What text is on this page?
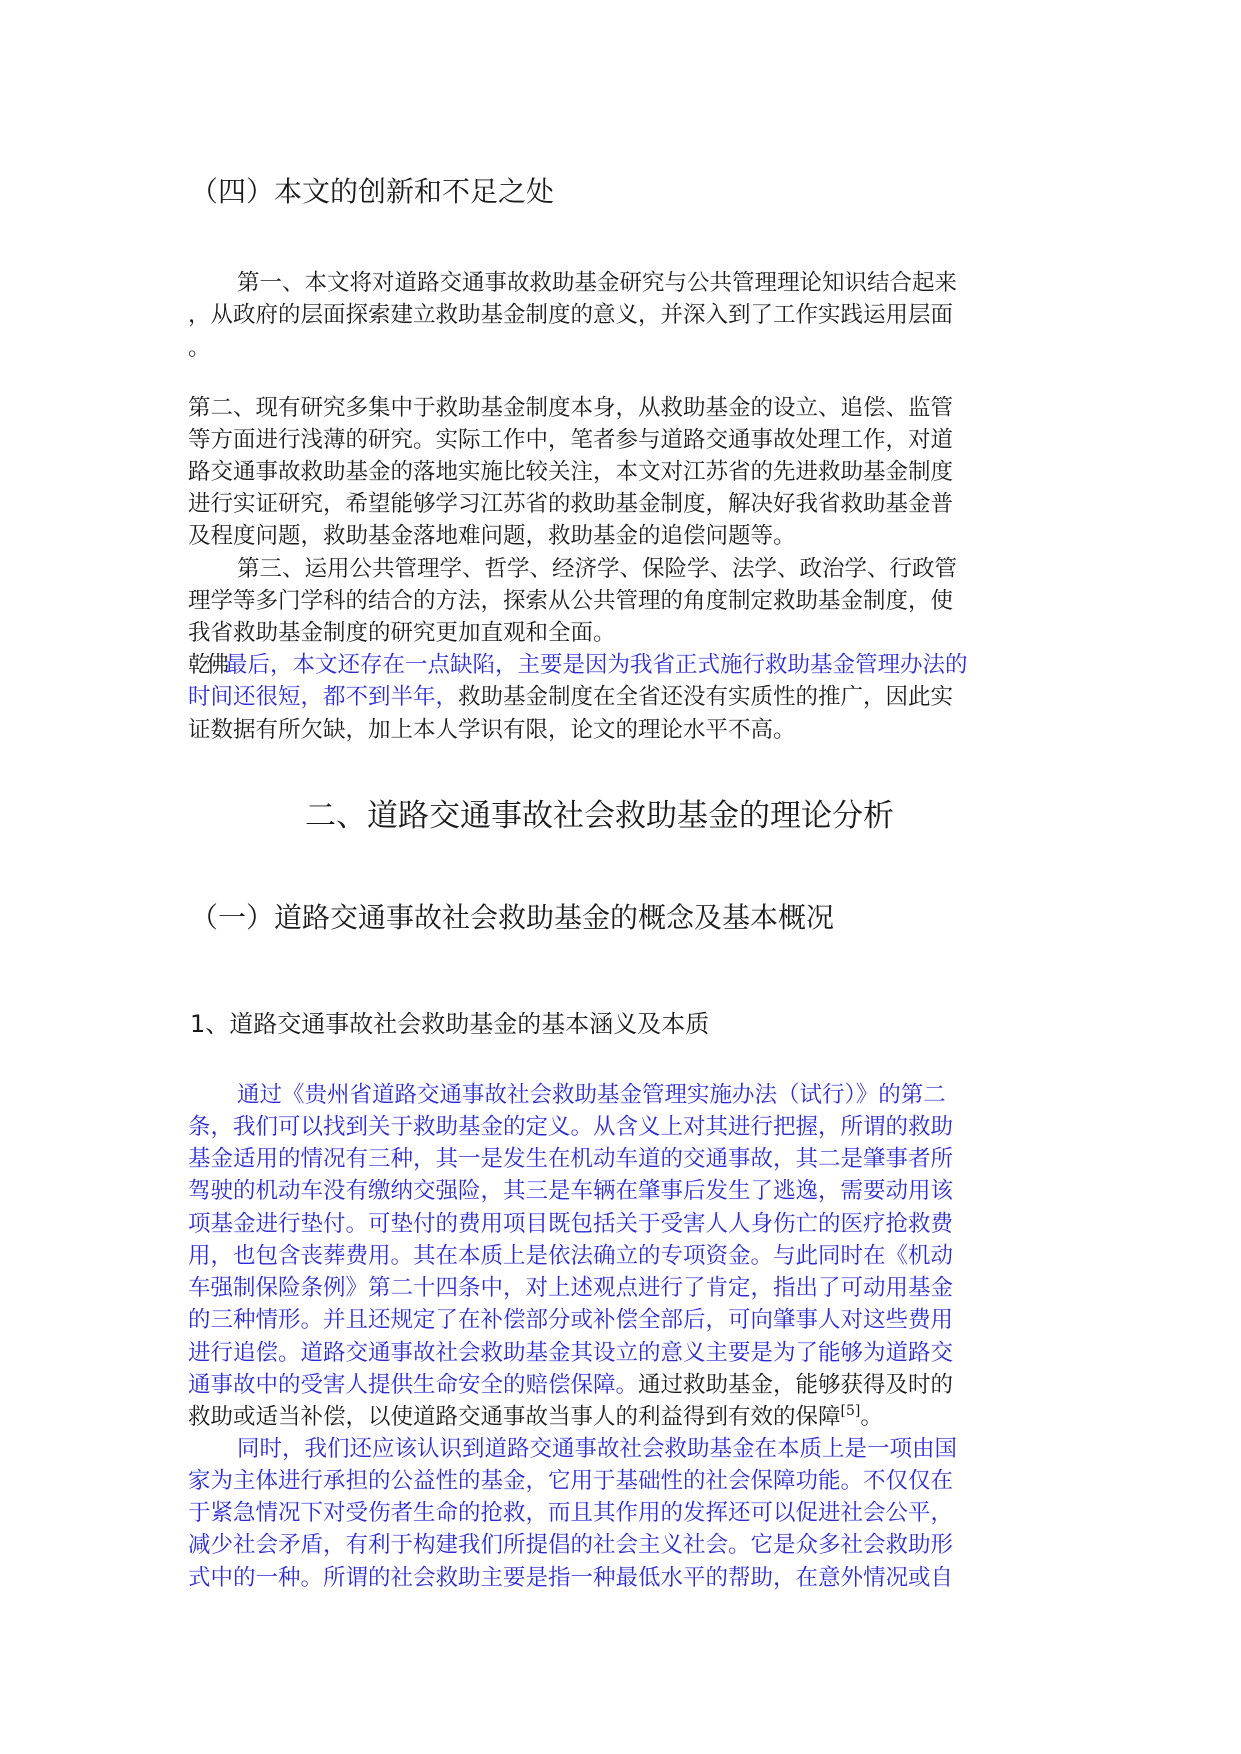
（四）本文的创新和不足之处
第一、本文将对道路交通事故救助基金研究与公共管理理论知识结合起来
，从政府的层面探索建立救助基金制度的意义，并深入到了工作实践运用层面
。
第二、现有研究多集中于救助基金制度本身，从救助基金的设立、追偿、监管
等方面进行浅薄的研究。实际工作中，笔者参与道路交通事故处理工作，对道
路交通事故救助基金的落地实施比较关注，本文对江苏省的先进救助基金制度
进行实证研究，希望能够学习江苏省的救助基金制度，解决好我省救助基金普
及程度问题，救助基金落地难问题，救助基金的追偿问题等。
第三、运用公共管理学、哲学、经济学、保险学、法学、政治学、行政管
理学等多门学科的结合的方法，探索从公共管理的角度制定救助基金制度，使
我省救助基金制度的研究更加直观和全面。
乾佛最后，本文还存在一点缺陷，主要是因为我省正式施行救助基金管理办法的
时间还很短，都不到半年，救助基金制度在全省还没有实质性的推广，因此实
证数据有所欠缺，加上本人学识有限，论文的理论水平不高。
二、道路交通事故社会救助基金的理论分析
（一）道路交通事故社会救助基金的概念及基本概况
1、道路交通事故社会救助基金的基本涵义及本质
通过《贵州省道路交通事故社会救助基金管理实施办法（试行）》的第二
条，我们可以找到关于救助基金的定义。从含义上对其进行把握，所谓的救助
基金适用的情况有三种，其一是发生在机动车道的交通事故，其二是肇事者所
驾驶的机动车没有缴纳交强险，其三是车辆在肇事后发生了逃逸，需要动用该
项基金进行垫付。可垫付的费用项目既包括关于受害人人身伤亡的医疗抢救费
用，也包含丧葬费用。其在本质上是依法确立的专项资金。与此同时在《机动
车强制保险条例》第二十四条中，对上述观点进行了肯定，指出了可动用基金
的三种情形。并且还规定了在补偿部分或补偿全部后，可向肇事人对这些费用
进行追偿。道路交通事故社会救助基金其设立的意义主要是为了能够为道路交
通事故中的受害人提供生命安全的赔偿保障。通过救助基金，能够获得及时的
救助或适当补偿，以使道路交通事故当事人的利益得到有效的保障[5]。
同时，我们还应该认识到道路交通事故社会救助基金在本质上是一项由国
家为主体进行承担的公益性的基金，它用于基础性的社会保障功能。不仅仅在
于紧急情况下对受伤者生命的抢救，而且其作用的发挥还可以促进社会公平，
减少社会矛盾，有利于构建我们所提倡的社会主义社会。它是众多社会救助形
式中的一种。所谓的社会救助主要是指一种最低水平的帮助，在意外情况或自
